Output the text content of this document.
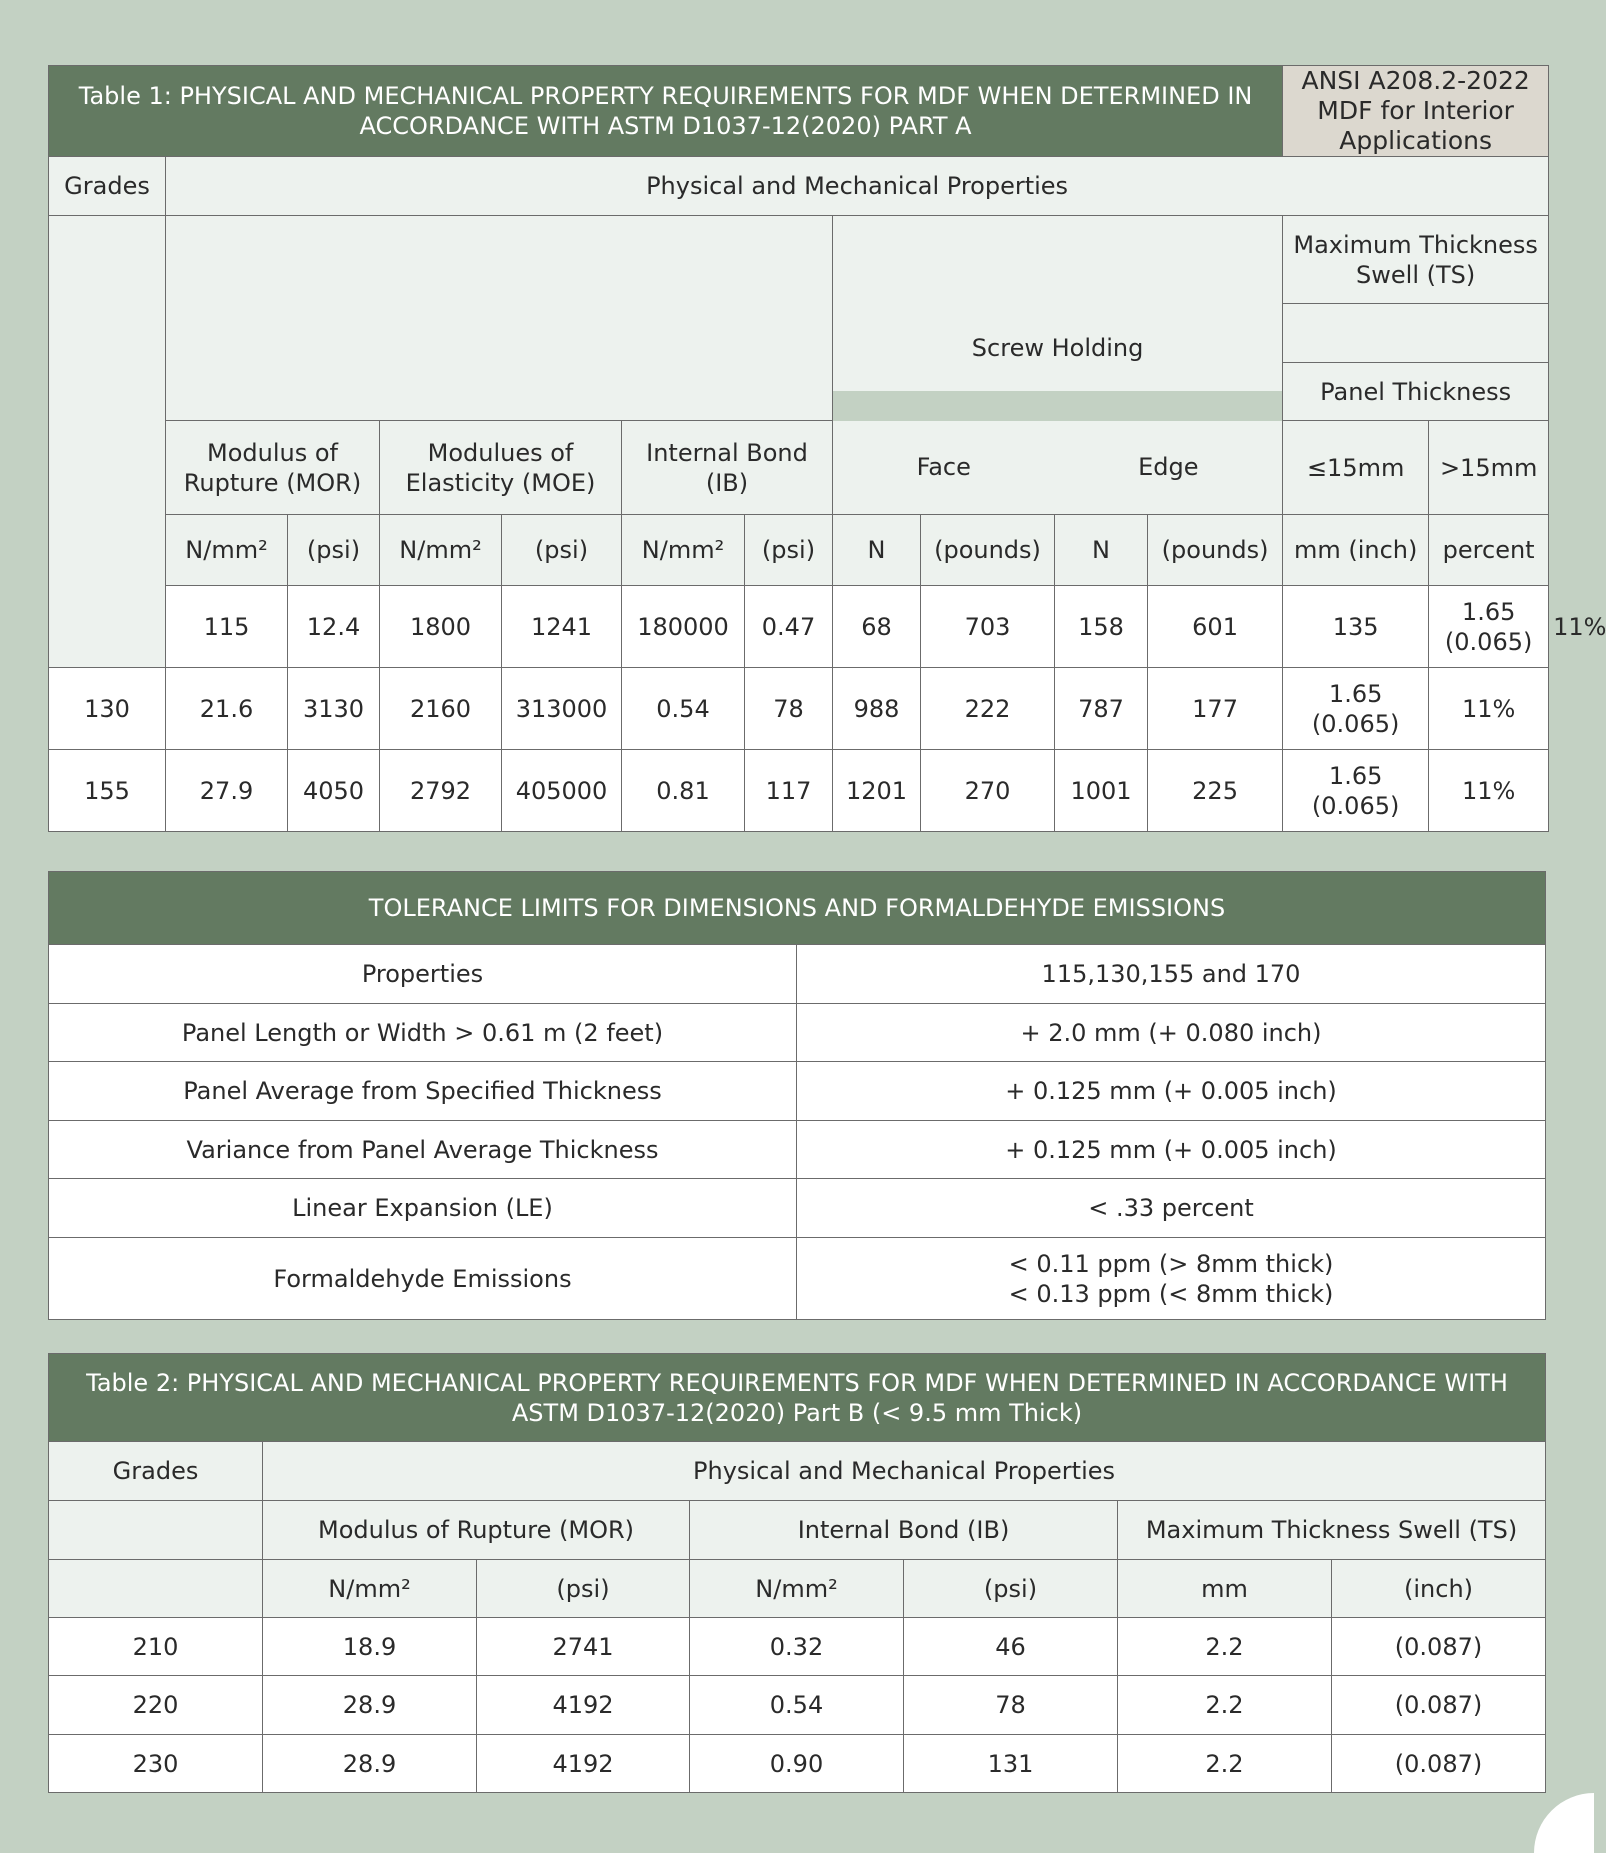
Table 1: PHYSICAL AND MECHANICAL PROPERTY REQUIREMENTS FOR MDF WHEN DETERMINED IN ACCORDANCE WITH ASTM D1037-12(2020) PART A											ANSI A208.2-2022 MDF for Interior Applications		
Grades	Physical and Mechanical Properties												
											Maximum Thickness Swell (TS)		

							Screw Holding				Panel Thickness		
	Modulus of Rupture (MOR)		Modulues of Elasticity (MOE)		Internal Bond (IB)		Face		Edge		≤15mm	>15mm	
	N/mm²	(psi)	N/mm²	(psi)	N/mm²	(psi)	N	(pounds)	N	(pounds)	mm (inch)	percent	
	115	12.4	1800	1241	180000	0.47	68	703	158	601	135	1.65 (0.065)	11%
130	21.6	3130	2160	313000	0.54	78	988	222	787	177	1.65 (0.065)	11%	
155	27.9	4050	2792	405000	0.81	117	1201	270	1001	225	1.65 (0.065)	11%	
TOLERANCE LIMITS FOR DIMENSIONS AND FORMALDEHYDE EMISSIONS	
Properties	115,130,155 and 170
Panel Length or Width > 0.61 m (2 feet)	+ 2.0 mm (+ 0.080 inch)
Panel Average from Specified Thickness	+ 0.125 mm (+ 0.005 inch)
Variance from Panel Average Thickness	+ 0.125 mm (+ 0.005 inch)
Linear Expansion (LE)	< .33 percent
Formaldehyde Emissions	< 0.11 ppm (> 8mm thick)
< 0.13 ppm (< 8mm thick)
Table 2: PHYSICAL AND MECHANICAL PROPERTY REQUIREMENTS FOR MDF WHEN DETERMINED IN ACCORDANCE WITH ASTM D1037-12(2020) Part B (< 9.5 mm Thick)						
Grades	Physical and Mechanical Properties					
	Modulus of Rupture (MOR)		Internal Bond (IB)		Maximum Thickness Swell (TS)	
	N/mm²	(psi)	N/mm²	(psi)	mm	(inch)
210	18.9	2741	0.32	46	2.2	(0.087)
220	28.9	4192	0.54	78	2.2	(0.087)
230	28.9	4192	0.90	131	2.2	(0.087)
